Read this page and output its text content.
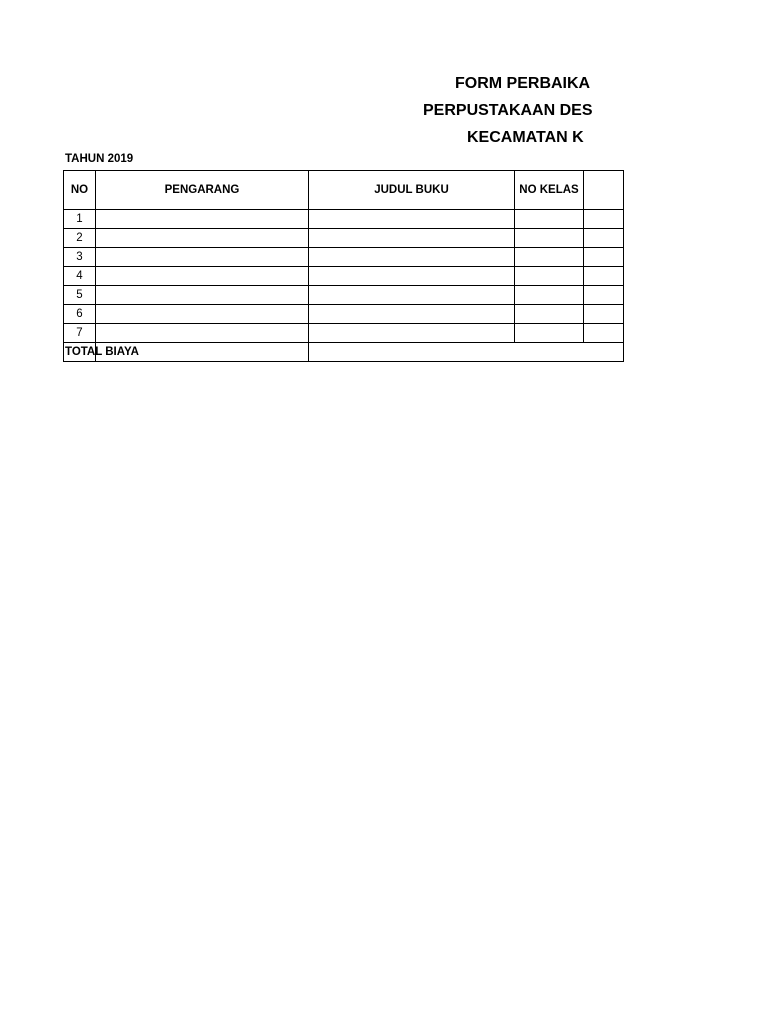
FORM PERBAIKA
PERPUSTAKAAN DES
KECAMATAN K
TAHUN 2019
NO	PENGARANG	JUDUL BUKU	NO KELAS	
1				
2				
3				
4				
5				
6				
7				

TOTAL BIAYA				
